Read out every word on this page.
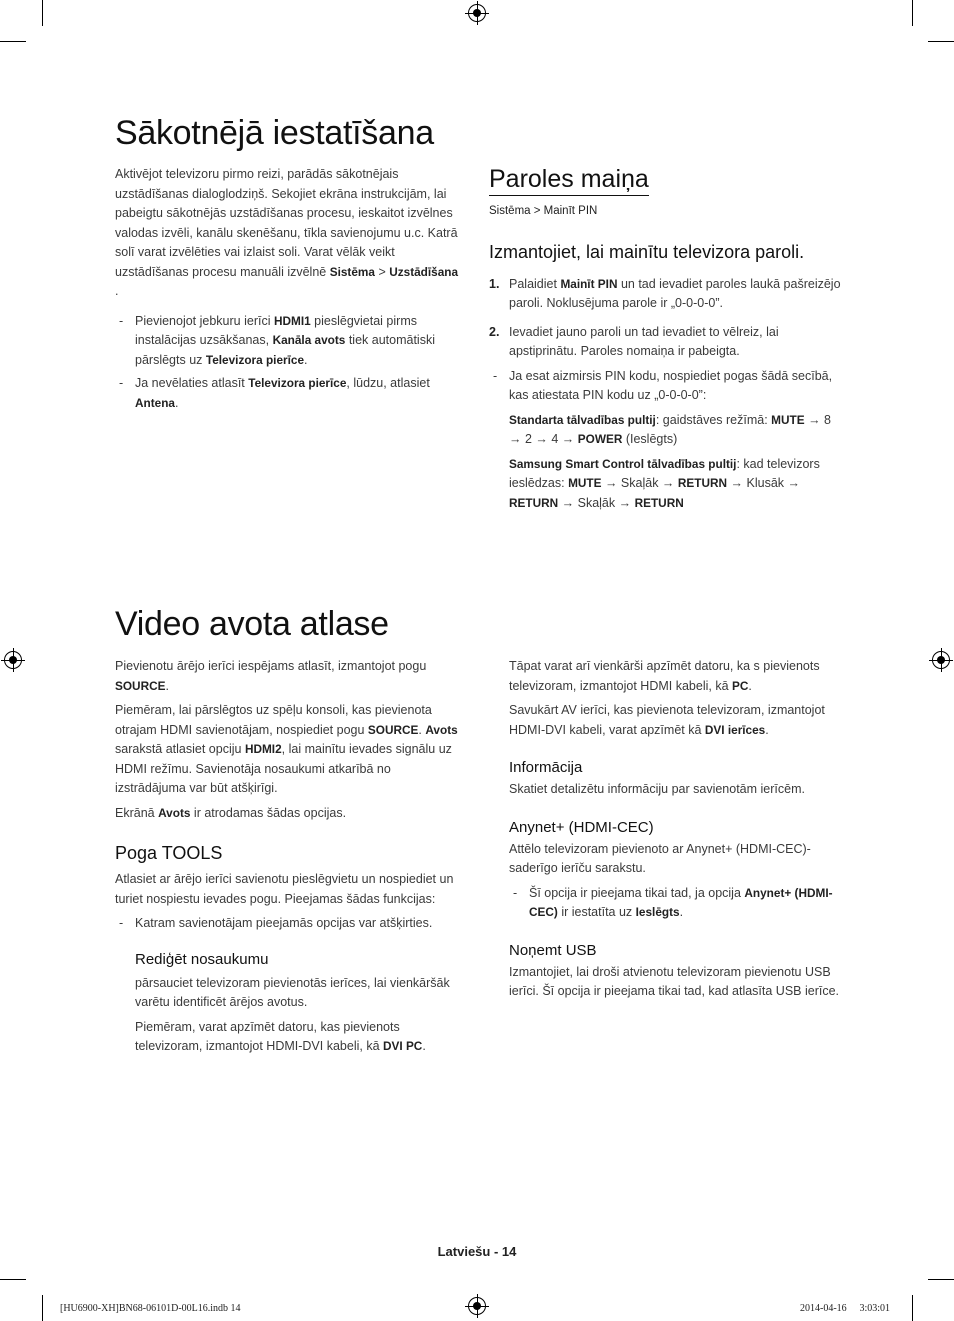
Sākotnējā iestatīšana

Aktivējot televizoru pirmo reizi, parādās sākotnējais uzstādīšanas dialoglodziņš. Sekojiet ekrāna instrukcijām, lai pabeigtu sākotnējās uzstādīšanas procesu, ieskaitot izvēlnes valodas izvēli, kanālu skenēšanu, tīkla savienojumu u.c. Katrā solī varat izvēlēties vai izlaist soli. Varat vēlāk veikt uzstādīšanas procesu manuāli izvēlnē Sistēma > Uzstādīšana .

- Pievienojot jebkuru ierīci HDMI1 pieslēgvietai pirms instalācijas uzsākšanas, Kanāla avots tiek automātiski pārslēgts uz Televizora pierīce.

- Ja nevēlaties atlasīt Televizora pierīce, lūdzu, atlasiet Antena.

Paroles maiņa

Sistēma > Mainīt PIN

Izmantojiet, lai mainītu televizora paroli.

1. Palaidiet Mainīt PIN un tad ievadiet paroles laukā pašreizējo paroli. Noklusējuma parole ir „0-0-0-0”.

2. Ievadiet jauno paroli un tad ievadiet to vēlreiz, lai apstiprinātu. Paroles nomaiņa ir pabeigta.

- Ja esat aizmirsis PIN kodu, nospiediet pogas šādā secībā, kas atiestata PIN kodu uz „0-0-0-0”:

Standarta tālvadības pultij: gaidstāves režīmā: MUTE → 8 → 2 → 4 → POWER (Ieslēgts)

Samsung Smart Control tālvadības pultij: kad televizors ieslēdzas: MUTE → Skaļāk → RETURN → Klusāk → RETURN → Skaļāk → RETURN

Video avota atlase

Pievienotu ārējo ierīci iespējams atlasīt, izmantojot pogu SOURCE.

Piemēram, lai pārslēgtos uz spēļu konsoli, kas pievienota otrajam HDMI savienotājam, nospiediet pogu SOURCE. Avots sarakstā atlasiet opciju HDMI2, lai mainītu ievades signālu uz HDMI režīmu. Savienotāja nosaukumi atkarībā no izstrādājuma var būt atšķirīgi.

Ekrānā Avots ir atrodamas šādas opcijas.

Poga TOOLS

Atlasiet ar ārējo ierīci savienotu pieslēgvietu un nospiediet un turiet nospiestu ievades pogu. Pieejamas šādas funkcijas:

- Katram savienotājam pieejamās opcijas var atšķirties.

Rediģēt nosaukumu

pārsauciet televizoram pievienotās ierīces, lai vienkāršāk varētu identificēt ārējos avotus.

Piemēram, varat apzīmēt datoru, kas pievienots televizoram, izmantojot HDMI-DVI kabeli, kā DVI PC.

Tāpat varat arī vienkārši apzīmēt datoru, ka s pievienots televizoram, izmantojot HDMI kabeli, kā PC.

Savukārt AV ierīci, kas pievienota televizoram, izmantojot HDMI-DVI kabeli, varat apzīmēt kā DVI ierīces.

Informācija

Skatiet detalizētu informāciju par savienotām ierīcēm.

Anynet+ (HDMI-CEC)

Attēlo televizoram pievienoto ar Anynet+ (HDMI-CEC)-saderīgo ierīču sarakstu.

- Šī opcija ir pieejama tikai tad, ja opcija Anynet+ (HDMI-CEC) ir iestatīta uz Ieslēgts.

Noņemt USB

Izmantojiet, lai droši atvienotu televizoram pievienotu USB ierīci. Šī opcija ir pieejama tikai tad, kad atlasīta USB ierīce.

Latviešu - 14
[HU6900-XH]BN68-06101D-00L16.indb 14	2014-04-16 ￿ 3:03:01
